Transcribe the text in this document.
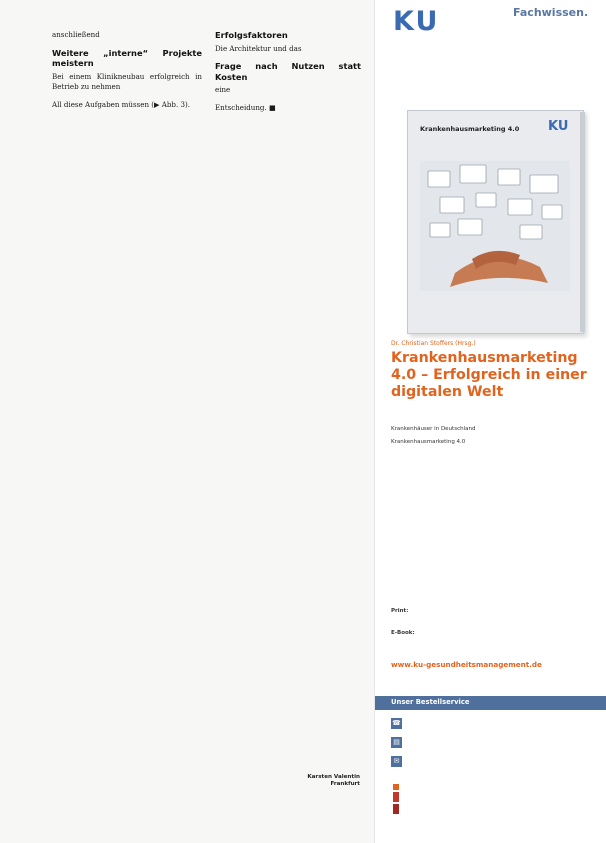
anschließend

Weitere „interne“ Projekte meistern

Bei einem Klinikneubau erfolgreich in Betrieb zu nehmen

All diese Aufgaben müssen (▶ Abb. 3).

Erfolgsfaktoren

Die Architektur und das

Frage nach Nutzen statt Kosten

eine

Entscheidung. ■

Karsten Valentin
Frankfurt
KU	Fachwissen.
Krankenhausmarketing 4.0 KU
Dr. Christian Stoffers (Hrsg.)
Krankenhausmarketing 4.0 – Erfolgreich in einer digitalen Welt

Krankenhäuser in Deutschland

Krankenhausmarketing 4.0

Print:
E-Book:
www.ku-gesundheitsmanagement.de
Unser Bestellservice
☎
▤
✉
